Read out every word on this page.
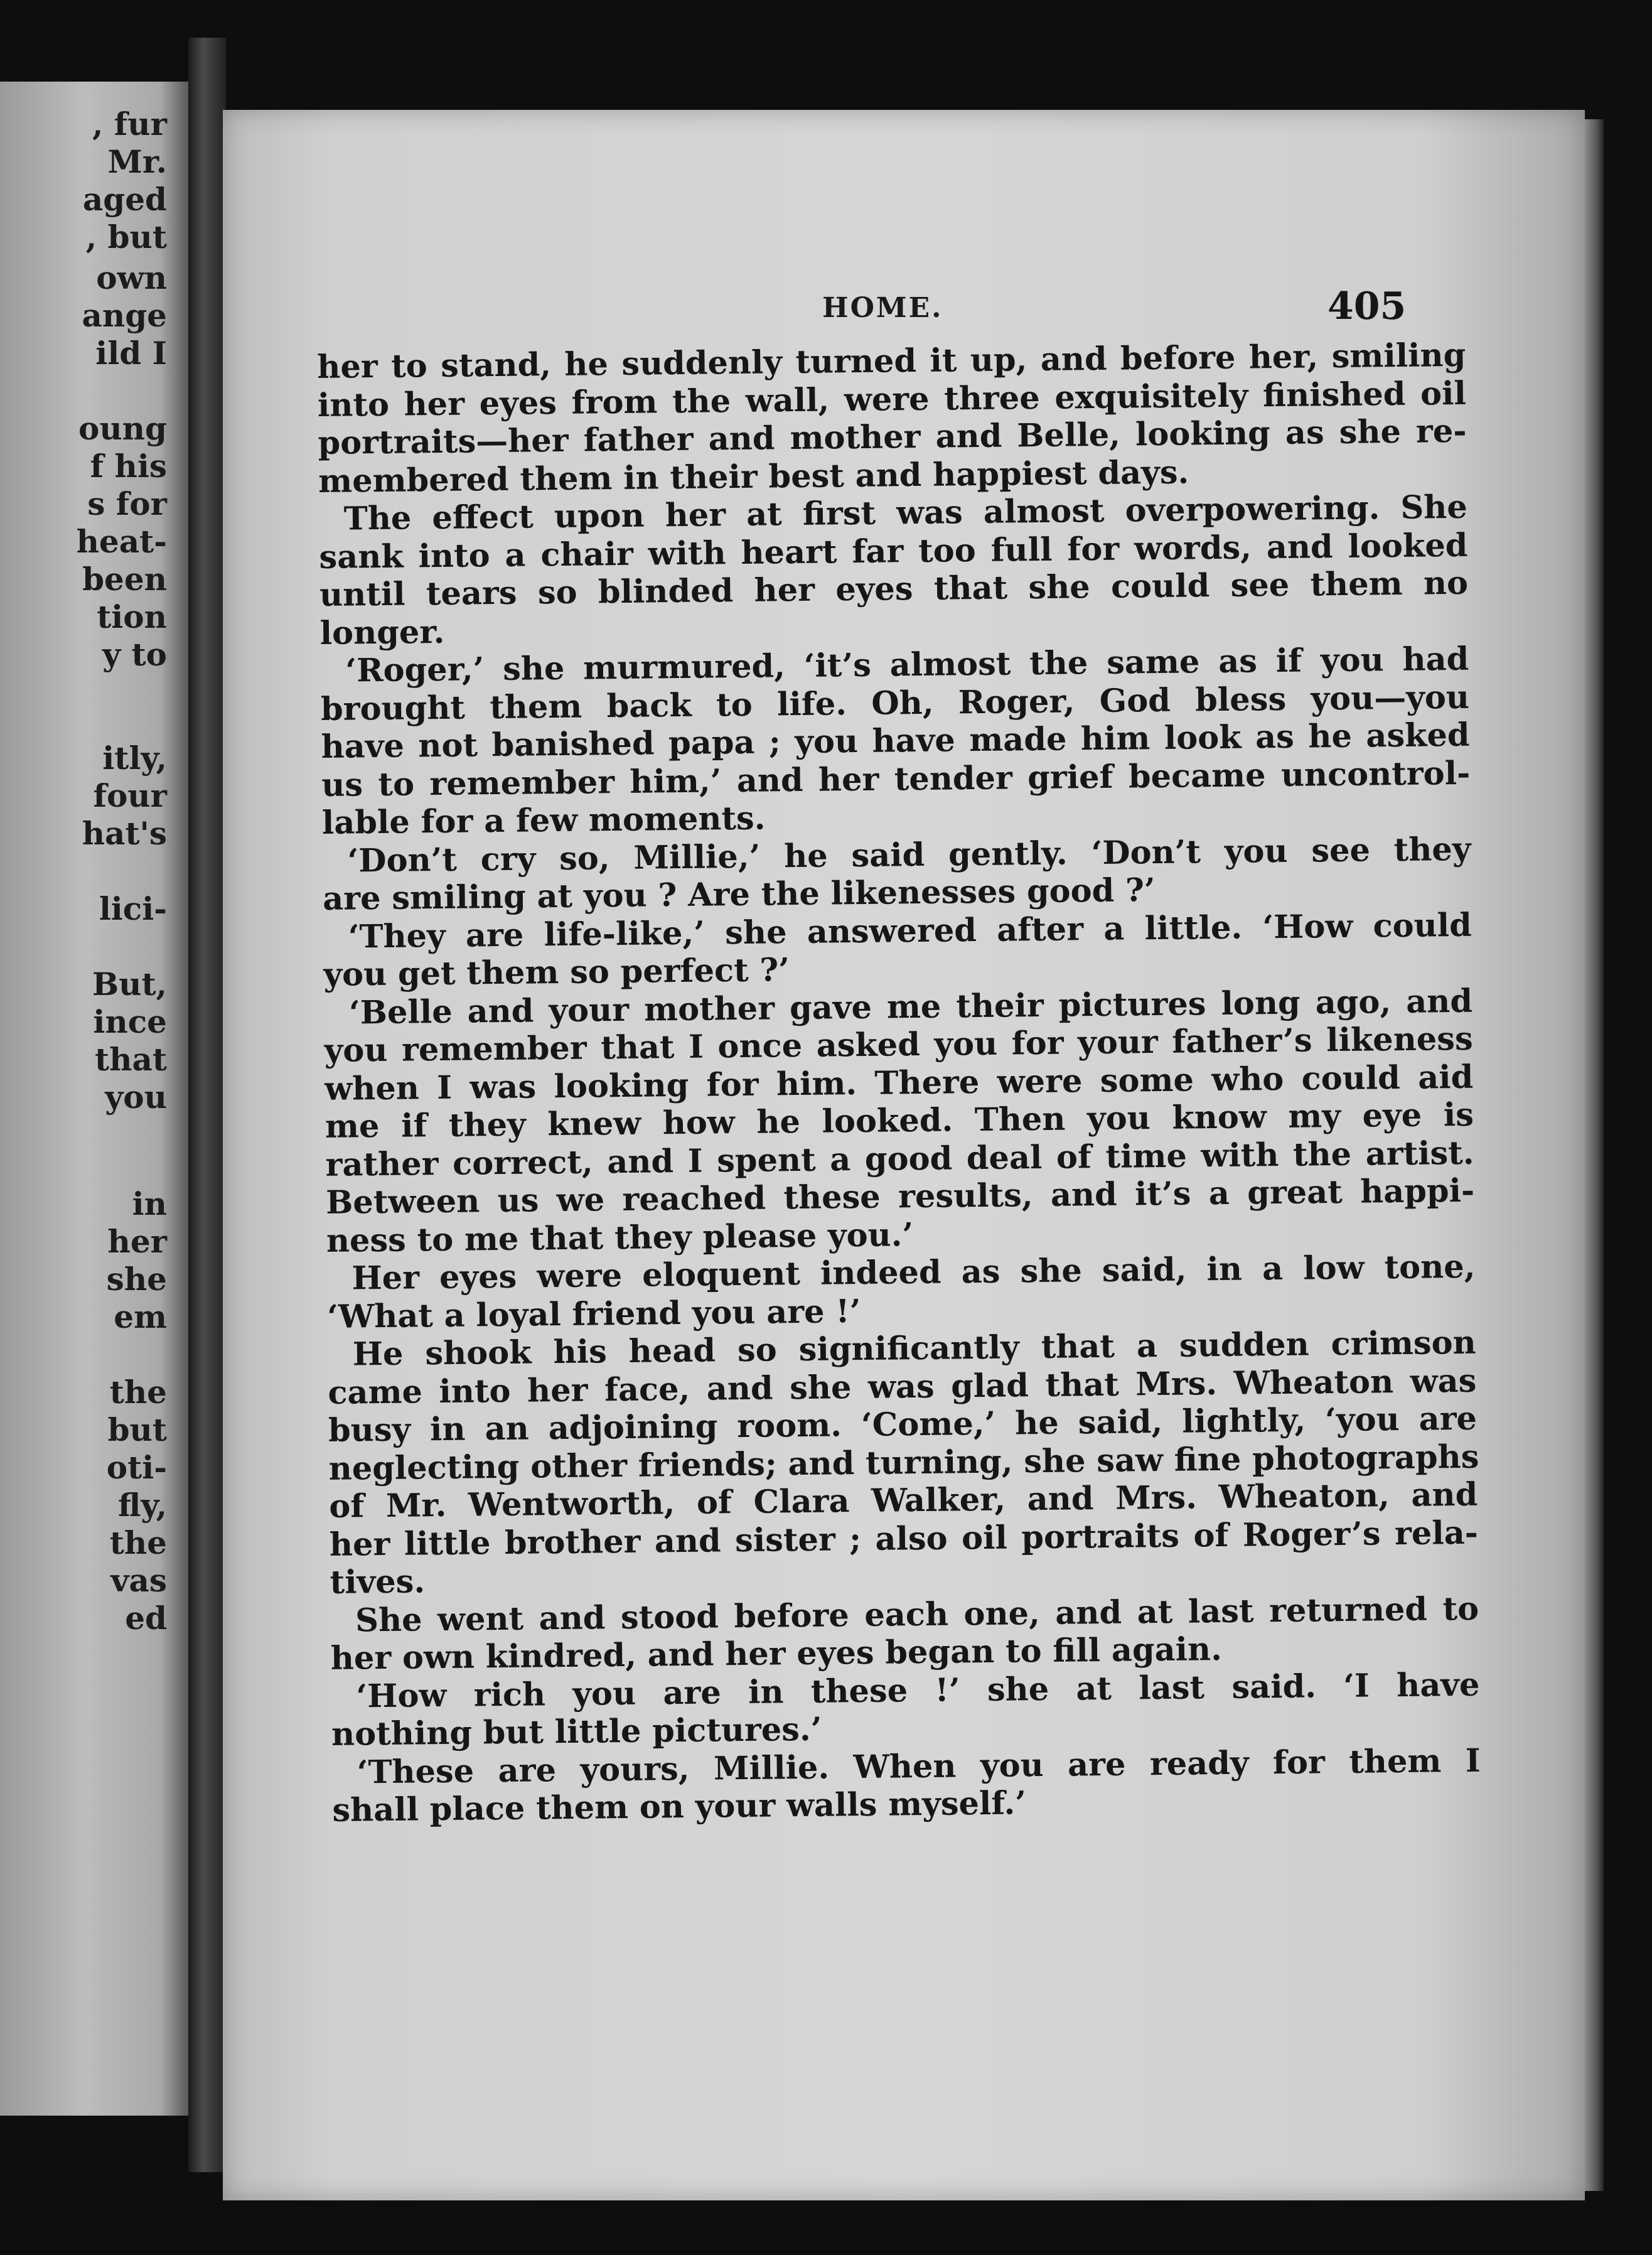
, fur
Mr.
aged
, but
own
ange
ild I
oung
f his
s for
heat-
been
tion
y to
itly,
four
hat's
lici-
But,
ince
that
you
in
her
she
em
the
but
oti-
fly,
the
vas
ed
HOME.	405
her to stand, he suddenly turned it up, and before her, smiling
into her eyes from the wall, were three exquisitely finished oil
portraits—her father and mother and Belle, looking as she re-
membered them in their best and happiest days.
The effect upon her at first was almost overpowering. She
sank into a chair with heart far too full for words, and looked
until tears so blinded her eyes that she could see them no
longer.
‘Roger,’ she murmured, ‘it’s almost the same as if you had
brought them back to life. Oh, Roger, God bless you—you
have not banished papa ; you have made him look as he asked
us to remember him,’ and her tender grief became uncontrol-
lable for a few moments.
‘Don’t cry so, Millie,’ he said gently. ‘Don’t you see they
are smiling at you ? Are the likenesses good ?’
‘They are life-like,’ she answered after a little. ‘How could
you get them so perfect ?’
‘Belle and your mother gave me their pictures long ago, and
you remember that I once asked you for your father’s likeness
when I was looking for him. There were some who could aid
me if they knew how he looked. Then you know my eye is
rather correct, and I spent a good deal of time with the artist.
Between us we reached these results, and it’s a great happi-
ness to me that they please you.’
Her eyes were eloquent indeed as she said, in a low tone,
‘What a loyal friend you are !’
He shook his head so significantly that a sudden crimson
came into her face, and she was glad that Mrs. Wheaton was
busy in an adjoining room. ‘Come,’ he said, lightly, ‘you are
neglecting other friends; and turning, she saw fine photographs
of Mr. Wentworth, of Clara Walker, and Mrs. Wheaton, and
her little brother and sister ; also oil portraits of Roger’s rela-
tives.
She went and stood before each one, and at last returned to
her own kindred, and her eyes began to fill again.
‘How rich you are in these !’ she at last said. ‘I have
nothing but little pictures.’
‘These are yours, Millie. When you are ready for them I
shall place them on your walls myself.’
